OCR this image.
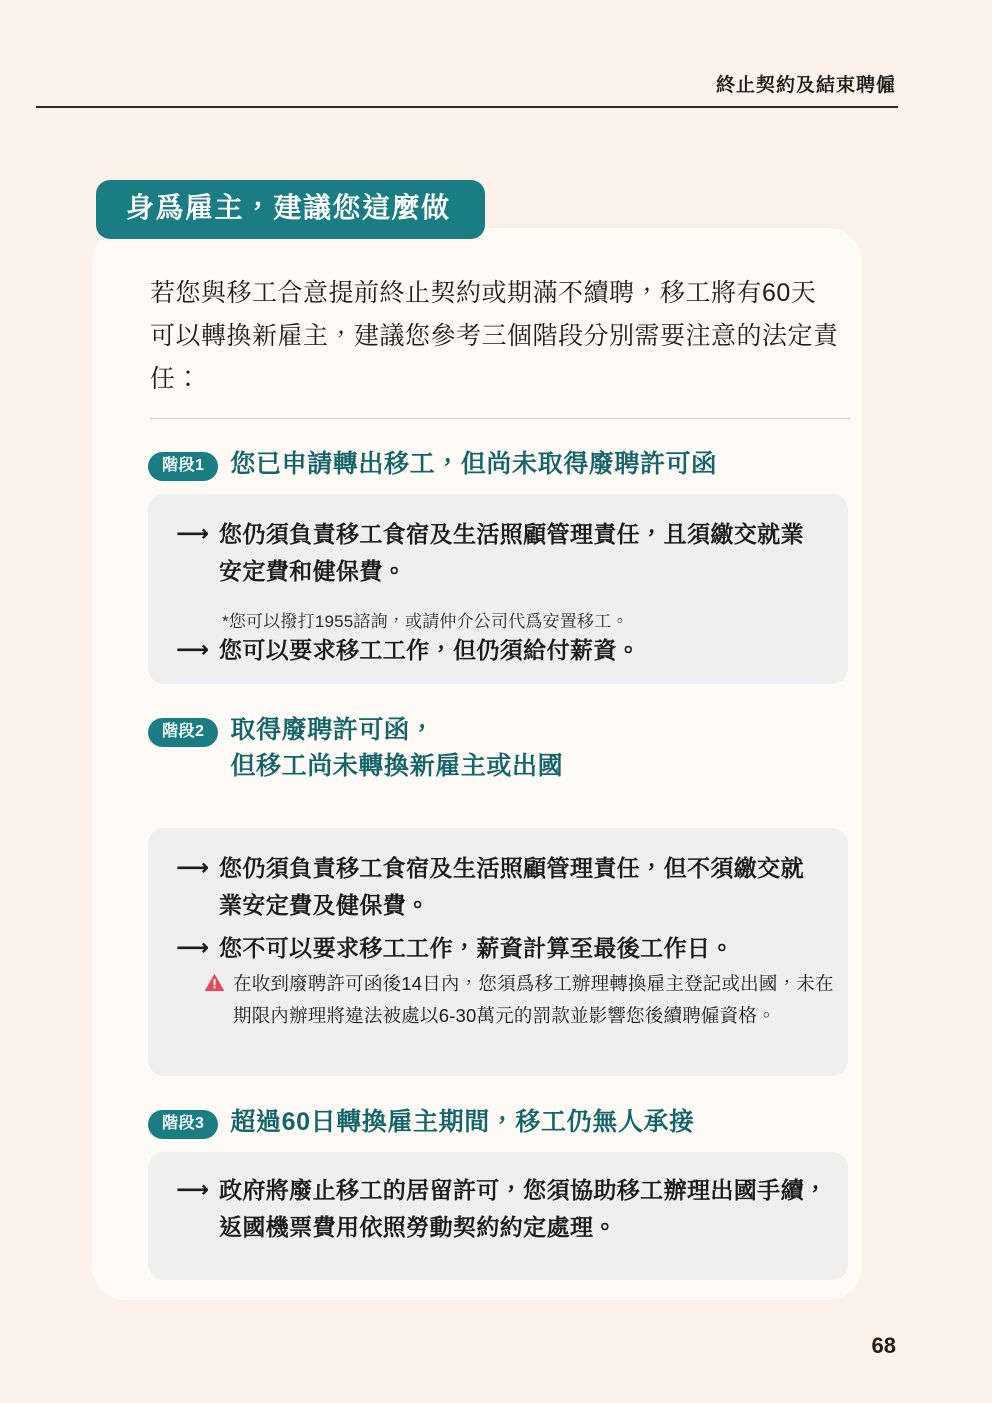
終止契約及結束聘僱
身爲雇主，建議您這麼做
若您與移工合意提前終止契約或期滿不續聘，移工將有60天可以轉換新雇主，建議您參考三個階段分別需要注意的法定責任：
階段1	您已申請轉出移工，但尚未取得廢聘許可函
⟶ 您仍須負責移工食宿及生活照顧管理責任，且須繳交就業安定費和健保費。
*您可以撥打1955諮詢，或請仲介公司代爲安置移工。
⟶ 您可以要求移工工作，但仍須給付薪資。
階段2	取得廢聘許可函，
但移工尚未轉換新雇主或出國
⟶ 您仍須負責移工食宿及生活照顧管理責任，但不須繳交就業安定費及健保費。
⟶ 您不可以要求移工工作，薪資計算至最後工作日。
在收到廢聘許可函後14日內，您須爲移工辦理轉換雇主登記或出國，未在期限內辦理將違法被處以6-30萬元的罰款並影響您後續聘僱資格。
階段3	超過60日轉換雇主期間，移工仍無人承接
⟶ 政府將廢止移工的居留許可，您須協助移工辦理出國手續，返國機票費用依照勞動契約約定處理。
68
